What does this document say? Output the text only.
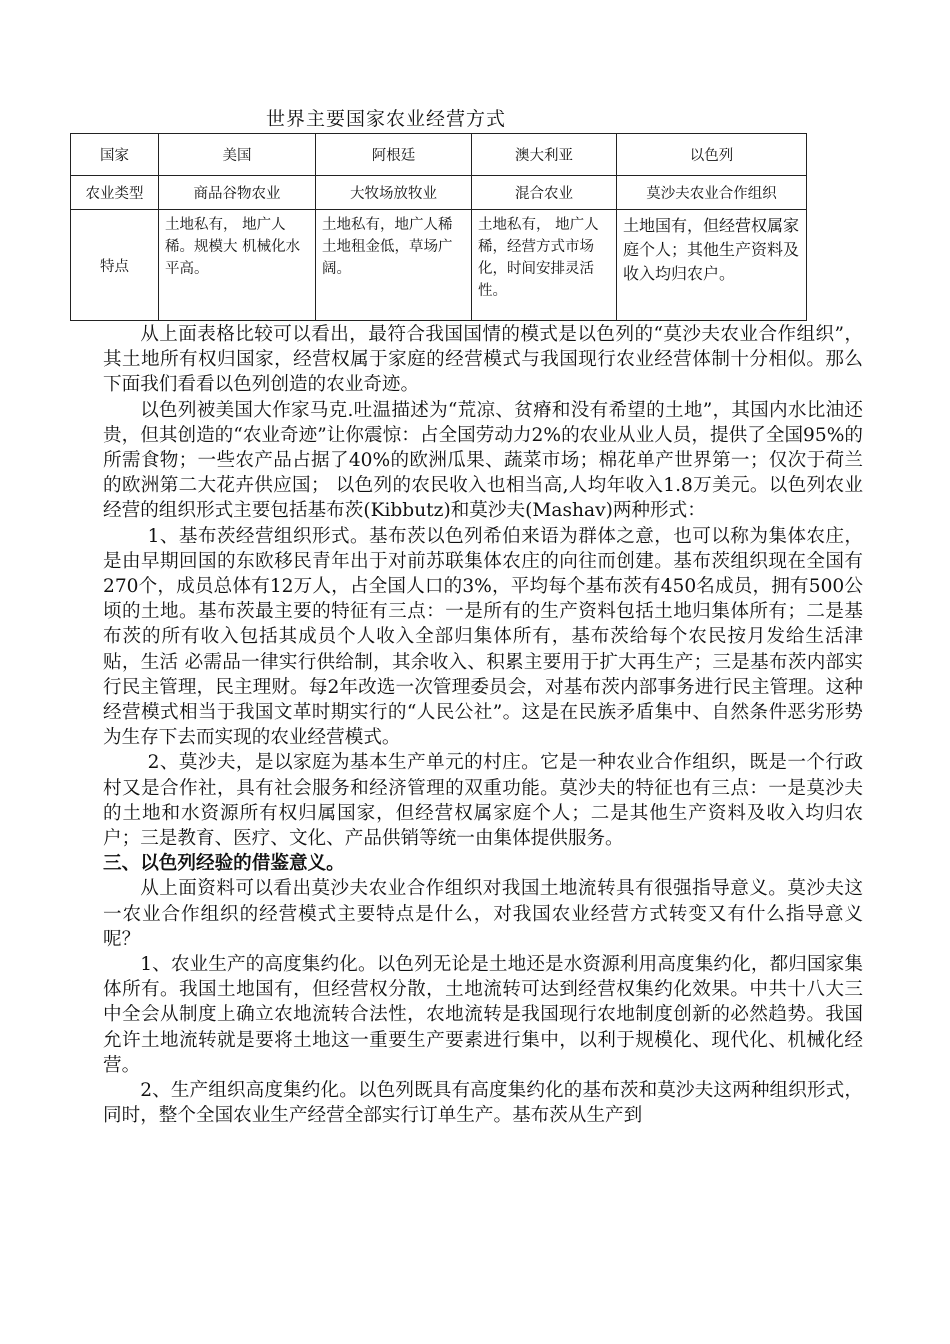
世界主要国家农业经营方式
国家	美国	阿根廷	澳大利亚	以色列
农业类型	商品谷物农业	大牧场放牧业	混合农业	莫沙夫农业合作组织
特点	土地私有， 地广人稀。规模大 机械化水平高。	土地私有，地广人稀 土地租金低，草场广阔。	土地私有， 地广人稀，经营方式市场化，时间安排灵活性。	土地国有，但经营权属家庭个人；其他生产资料及收入均归农户。

从上面表格比较可以看出，最符合我国国情的模式是以色列的“莫沙夫农业合作组织”，其土地所有权归国家，经营权属于家庭的经营模式与我国现行农业经营体制十分相似。那么下面我们看看以色列创造的农业奇迹。

以色列被美国大作家马克.吐温描述为“荒凉、贫瘠和没有希望的土地”，其国内水比油还贵，但其创造的“农业奇迹”让你震惊：占全国劳动力2%的农业从业人员，提供了全国95%的所需食物；一些农产品占据了40%的欧洲瓜果、蔬菜市场；棉花单产世界第一；仅次于荷兰的欧洲第二大花卉供应国； 以色列的农民收入也相当高,人均年收入1.8万美元。以色列农业经营的组织形式主要包括基布茨(Kibbutz)和莫沙夫(Mashav)两种形式：

1、基布茨经营组织形式。基布茨以色列希伯来语为群体之意，也可以称为集体农庄，是由早期回国的东欧移民青年出于对前苏联集体农庄的向往而创建。基布茨组织现在全国有270个，成员总体有12万人，占全国人口的3%，平均每个基布茨有450名成员，拥有500公顷的土地。基布茨最主要的特征有三点：一是所有的生产资料包括土地归集体所有；二是基布茨的所有收入包括其成员个人收入全部归集体所有，基布茨给每个农民按月发给生活津贴，生活 必需品一律实行供给制，其余收入、积累主要用于扩大再生产；三是基布茨内部实行民主管理，民主理财。每2年改选一次管理委员会，对基布茨内部事务进行民主管理。这种经营模式相当于我国文革时期实行的“人民公社”。这是在民族矛盾集中、自然条件恶劣形势为生存下去而实现的农业经营模式。

2、莫沙夫，是以家庭为基本生产单元的村庄。它是一种农业合作组织，既是一个行政村又是合作社，具有社会服务和经济管理的双重功能。莫沙夫的特征也有三点：一是莫沙夫的土地和水资源所有权归属国家，但经营权属家庭个人；二是其他生产资料及收入均归农户；三是教育、医疗、文化、产品供销等统一由集体提供服务。

三、以色列经验的借鉴意义。

从上面资料可以看出莫沙夫农业合作组织对我国土地流转具有很强指导意义。莫沙夫这一农业合作组织的经营模式主要特点是什么，对我国农业经营方式转变又有什么指导意义呢？

1、农业生产的高度集约化。以色列无论是土地还是水资源利用高度集约化，都归国家集体所有。我国土地国有，但经营权分散，土地流转可达到经营权集约化效果。中共十八大三中全会从制度上确立农地流转合法性，农地流转是我国现行农地制度创新的必然趋势。我国允许土地流转就是要将土地这一重要生产要素进行集中，以利于规模化、现代化、机械化经营。

2、生产组织高度集约化。以色列既具有高度集约化的基布茨和莫沙夫这两种组织形式，同时，整个全国农业生产经营全部实行订单生产。基布茨从生产到
